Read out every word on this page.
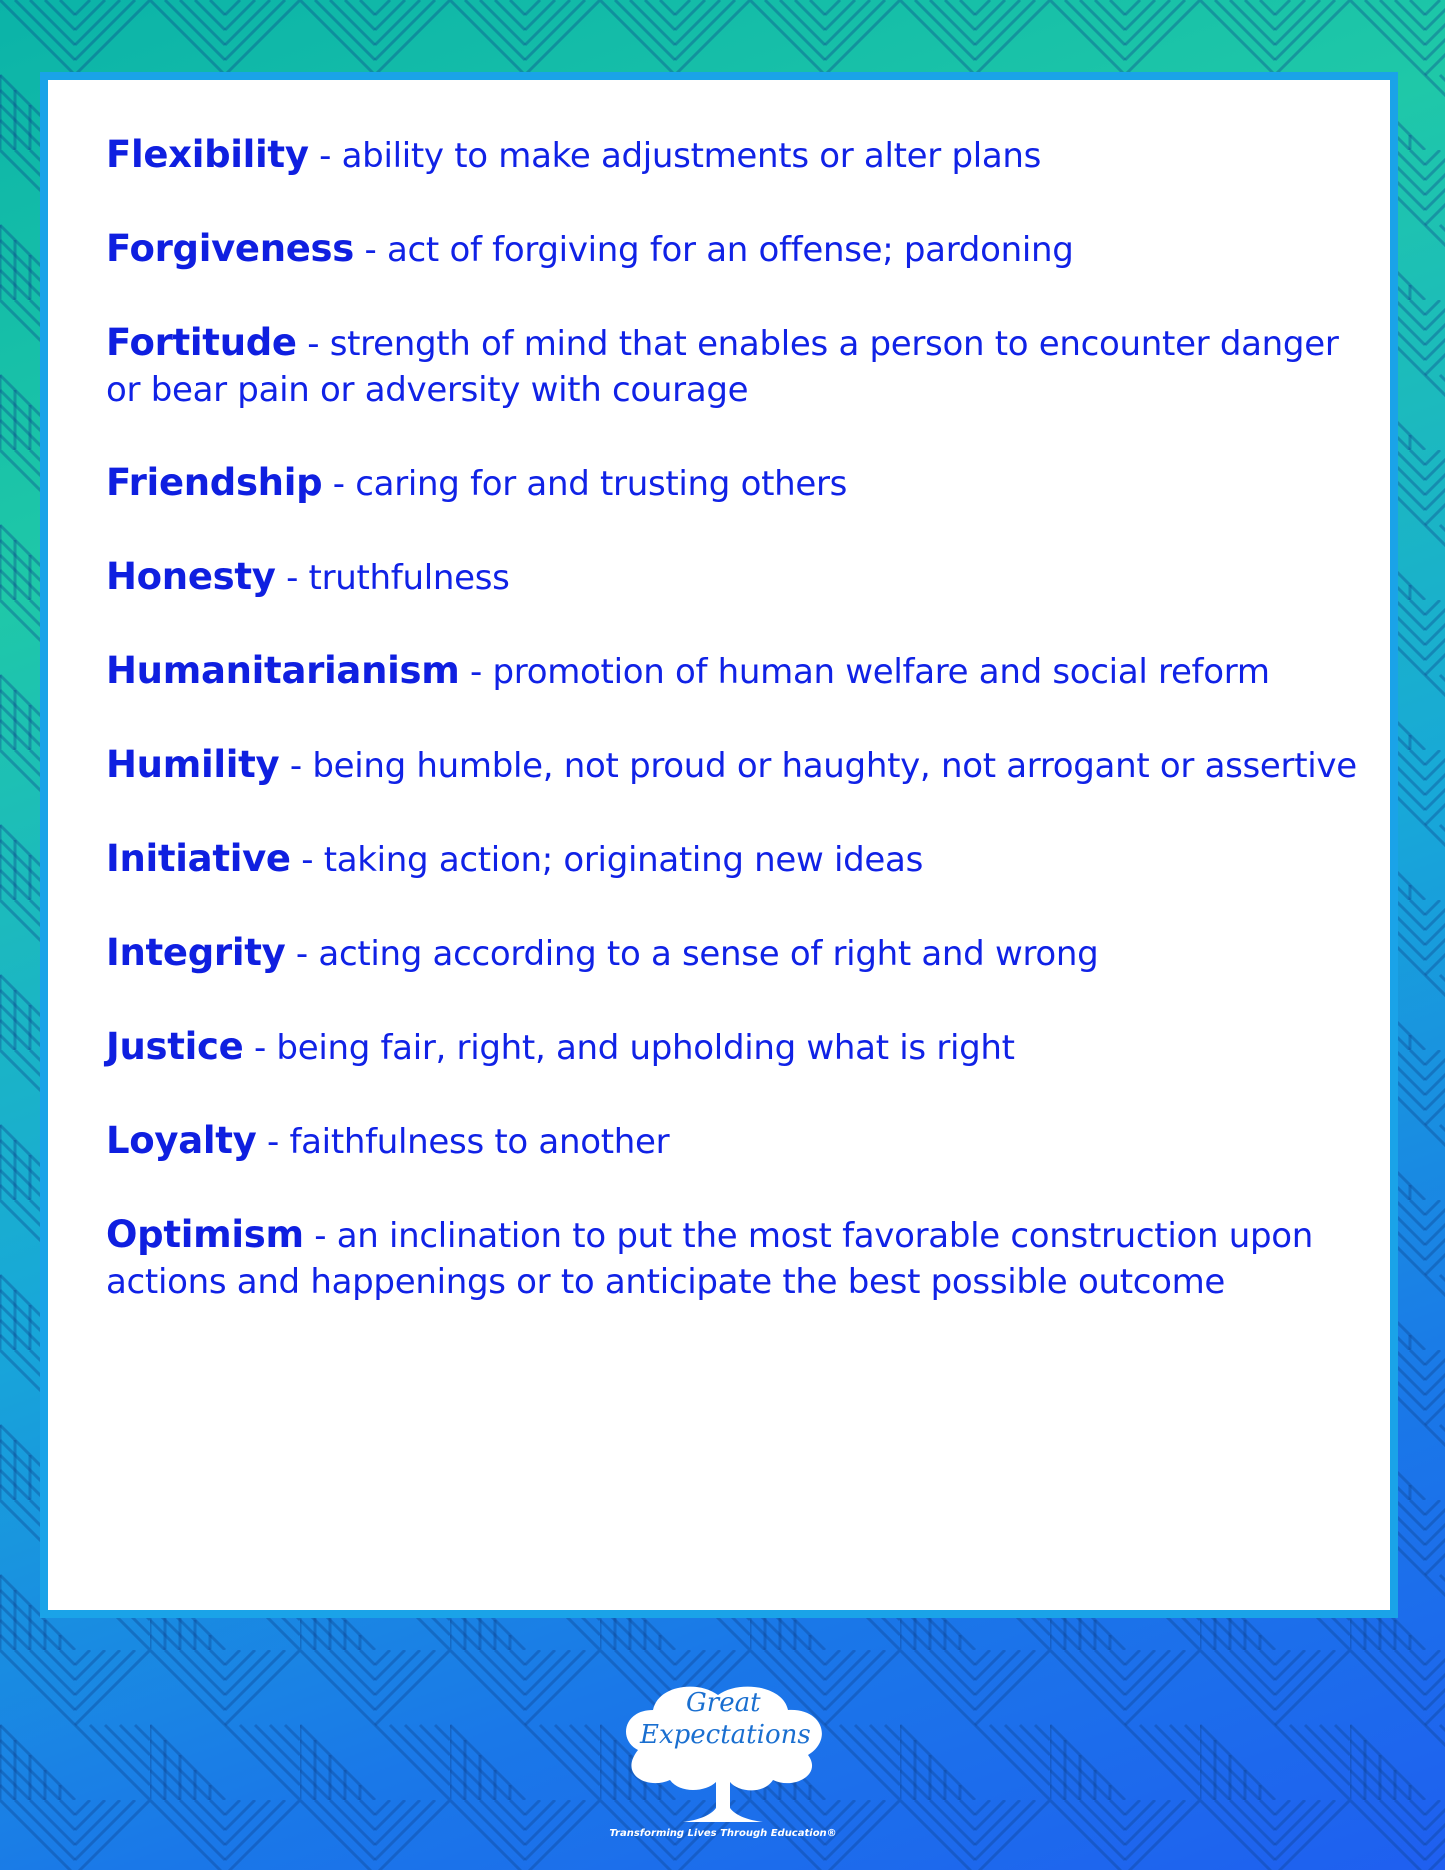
Flexibility - ability to make adjustments or alter plans

Forgiveness - act of forgiving for an offense; pardoning

Fortitude - strength of mind that enables a person to encounter danger or bear pain or adversity with courage

Friendship - caring for and trusting others

Honesty - truthfulness

Humanitarianism - promotion of human welfare and social reform

Humility - being humble, not proud or haughty, not arrogant or assertive

Initiative - taking action; originating new ideas

Integrity - acting according to a sense of right and wrong

Justice - being fair, right, and upholding what is right

Loyalty - faithfulness to another

Optimism - an inclination to put the most favorable construction upon actions and happenings or to anticipate the best possible outcome

Great
Expectations
Transforming Lives Through Education®
